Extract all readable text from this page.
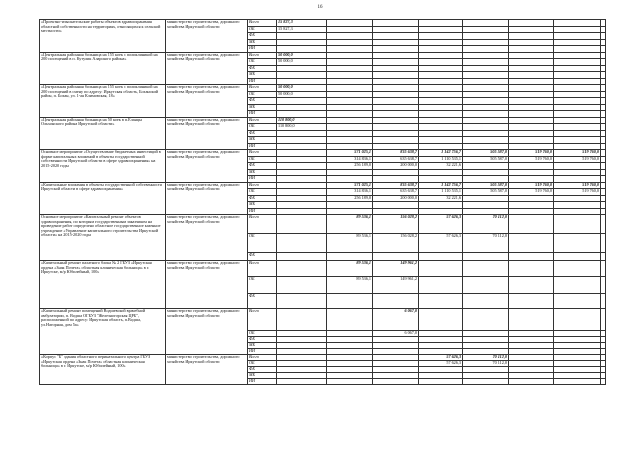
16
«Проектно-изыскательские работы объектов здравоохранения областной собственности на территориях, относящихся к сельской местности»	министерство строительства, дорожного хозяйства Иркутской области	Всего	15 827,3							
		ОБ	15 827,3							
		ФБ								
		МБ								
		ИИ								
«Центральная районная больница на 155 коек с поликлиникой на 200 посещений в п. Кутулик Аларского района»	министерство строительства, дорожного хозяйства Иркутской области	Всего	50 000,0							
		ОБ	50 000,0							
		ФБ								
		МБ								
		ИИ								
«Центральная районная больница на 155 коек с поликлиникой на 200 посещений в смену по адресу: Иркутская область, Боханский район, п. Бохан, ул. 1-ая Климовская, 18»	министерство строительства, дорожного хозяйства Иркутской области	Всего	50 000,0							
		ОБ	50 000,0							
		ФБ								
		МБ								
		ИИ								
«Центральная районная больница на 50 коек в п.Еланцы Ольхонского района Иркутской области»	министерство строительства, дорожного хозяйства Иркутской области	Всего	110 800,0							
		ОБ	110 800,0							
		ФБ								
		МБ								
		ИИ								
Основное мероприятие «Осуществление бюджетных инвестиций в форме капитальных вложений в объекты государственной собственности Иркутской области в сфере здравоохранения» на 2015-2020 годы	министерство строительства, дорожного хозяйства Иркутской области	Всего		571 025,1	835 638,7	1 142 756,7	505 587,0	519 760,0	519 760,0	
		ОБ		314 836,1	635 638,7	1 110 535,1	505 587,0	519 760,0	519 760,0	
		ФБ		256 189,0	200 000,0	32 221,6				
		МБ								
		ИИ								
«Капитальные вложения в объекты государственной собственности Иркутской области в сфере здравоохранения»	министерство строительства, дорожного хозяйства Иркутской области	Всего		571 025,1	835 638,7	1 142 756,7	505 587,0	519 760,0	519 760,0	
		ОБ		314 836,1	635 638,7	1 110 535,1	505 587,0	519 760,0	519 760,0	
		ФБ		256 189,0	200 000,0	32 221,6				
		МБ								
		ИИ								
Основное мероприятие «Капитальный ремонт объектов здравоохранения, по которым государственным заказчиком на проведение работ определено областное государственное казенное учреждение «Управление капитального строительства Иркутской области» на 2015-2020 годы	министерство строительства, дорожного хозяйства Иркутской области	Всего		89 536,1	156 028,2	57 626,3	70 112,0			
		ОБ		89 536,1	156 028,2	57 626,3	70 112,0			
		ФБ								
«Капитальный ремонт палатного блока № 2 ГБУЗ «Иркутская ордена «Знак Почета» областная клиническая больница» в г. Иркутске, м/р Юбилейный, 100»	министерство строительства, дорожного хозяйства Иркутской области	Всего		89 536,1	149 961,2					
		ОБ		89 536,1	149 961,2					
		ФБ								
«Капитальный ремонт помещений Водшевской врачебной амбулатории, п. Водша ОГБУЗ "Железногорская ЦРБ", расположенной по адресу: Иркутская область, п.Водша, ул.Нагорная, дом 5а»	министерство строительства, дорожного хозяйства Иркутской области	Всего			6 067,0					
		ОБ			6 067,0					
		ФБ								
		МБ								
		ИИ								
«Корпус "Б" здания областного перинатального центра ГБУЗ «Иркутская ордена «Знак Почета» областная клиническая больница» в г. Иркутске, м/р Юбилейный, 100»	министерство строительства, дорожного хозяйства Иркутской области	Всего				57 626,3	70 112,0			
		ОБ				57 626,3	70 112,0			
		ФБ								
		МБ								
		ИИ								
